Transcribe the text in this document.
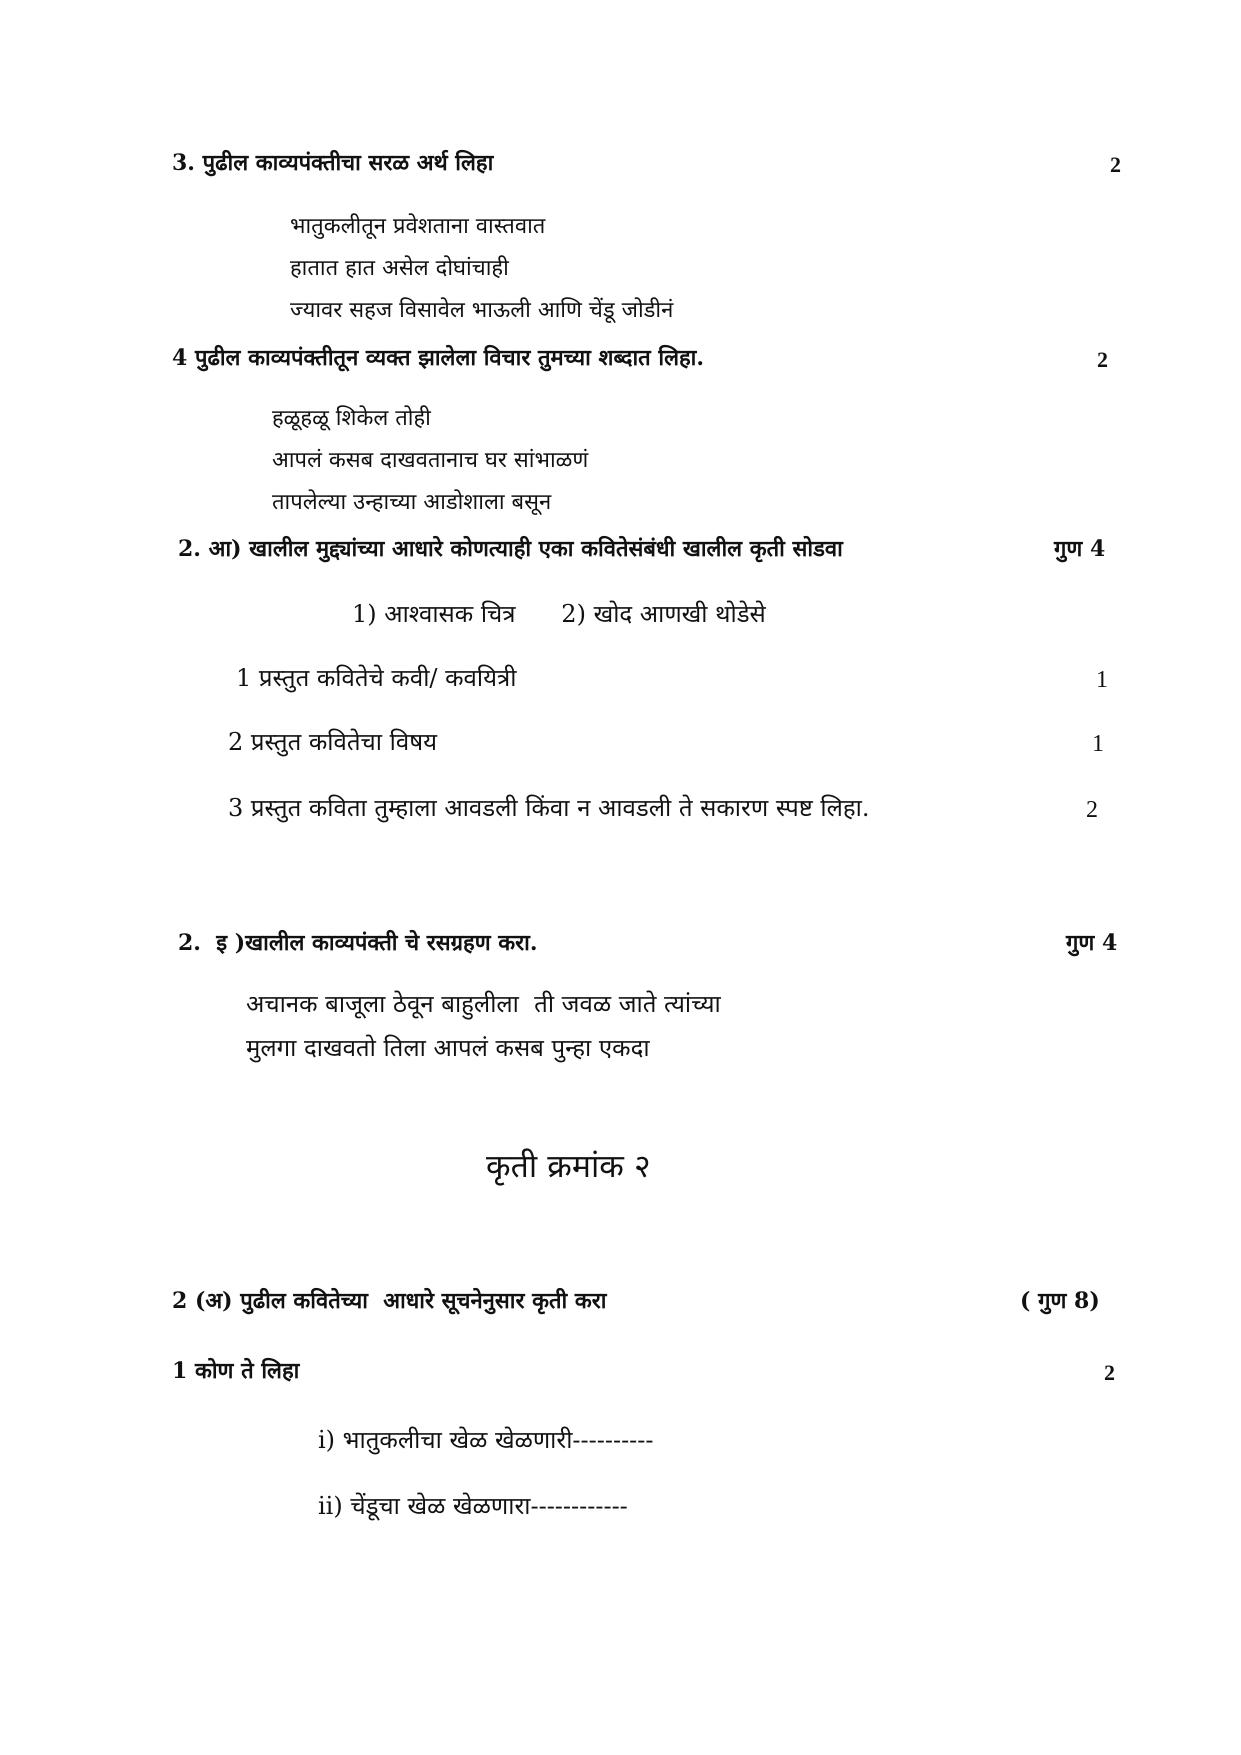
3. पुढील काव्यपंक्तीचा सरळ अर्थ लिहा	2
भातुकलीतून प्रवेशताना वास्तवात
हातात हात असेल दोघांचाही
ज्यावर सहज विसावेल भाऊली आणि चेंडू जोडीनं
4 पुढील काव्यपंक्तीतून व्यक्त झालेला विचार तुमच्या शब्दात लिहा.	2
हळूहळू शिकेल तोही
आपलं कसब दाखवतानाच घर सांभाळणं
तापलेल्या उन्हाच्या आडोशाला बसून
2. आ) खालील मुद्द्यांच्या आधारे कोणत्याही एका कवितेसंबंधी खालील कृती सोडवा	गुण 4
1) आश्वासक चित्र      2) खोद आणखी थोडेसे
1 प्रस्तुत कवितेचे कवी/ कवयित्री	1
2 प्रस्तुत कवितेचा विषय	1
3 प्रस्तुत कविता तुम्हाला आवडली किंवा न आवडली ते सकारण स्पष्ट लिहा.	2
2.  इ )खालील काव्यपंक्ती चे रसग्रहण करा.	गुण 4
अचानक बाजूला ठेवून बाहुलीला  ती जवळ जाते त्यांच्या
मुलगा दाखवतो तिला आपलं कसब पुन्हा एकदा
कृती क्रमांक २
2 (अ) पुढील कवितेच्या  आधारे सूचनेनुसार कृती करा	( गुण 8)
1 कोण ते लिहा	2
i) भातुकलीचा खेळ खेळणारी----------
ii) चेंडूचा खेळ खेळणारा------------
